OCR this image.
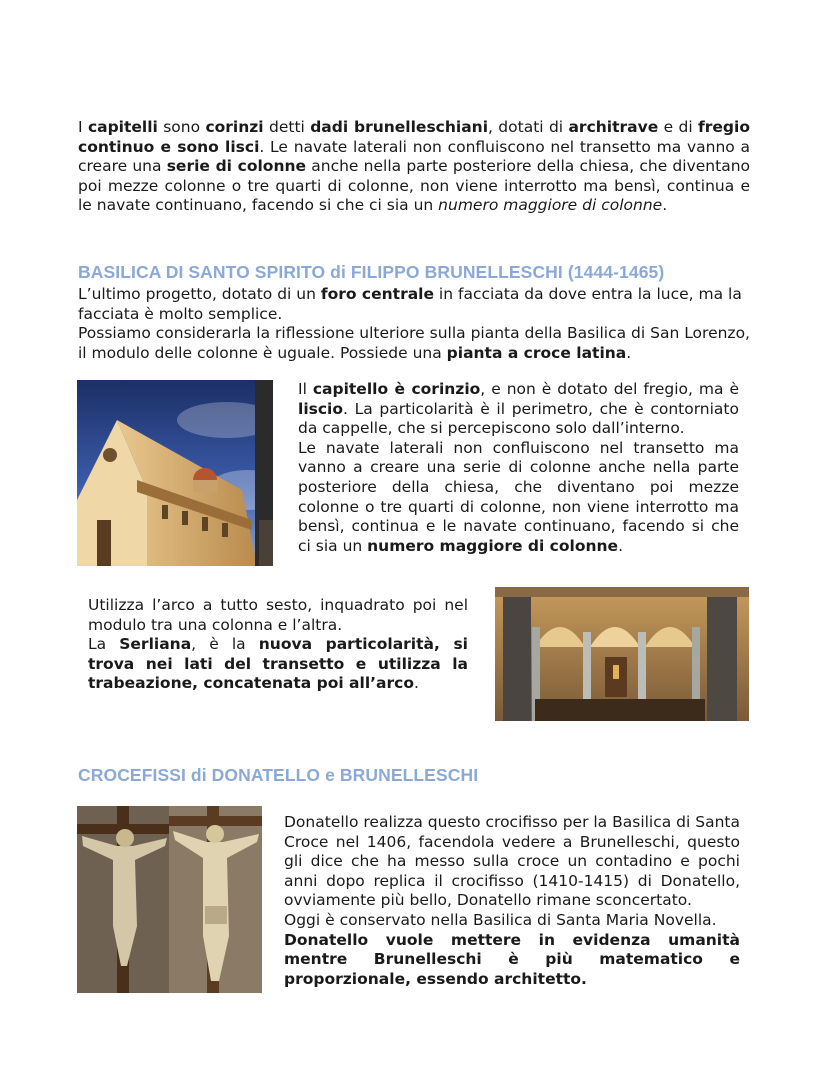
I capitelli sono corinzi detti dadi brunelleschiani, dotati di architrave e di fregio continuo e sono lisci. Le navate laterali non confluiscono nel transetto ma vanno a creare una serie di colonne anche nella parte posteriore della chiesa, che diventano poi mezze colonne o tre quarti di colonne, non viene interrotto ma bensì, continua e le navate continuano, facendo si che ci sia un numero maggiore di colonne.

BASILICA DI SANTO SPIRITO di FILIPPO BRUNELLESCHI (1444-1465)

L’ultimo progetto, dotato di un foro centrale in facciata da dove entra la luce, ma la facciata è molto semplice.

Possiamo considerarla la riflessione ulteriore sulla pianta della Basilica di San Lorenzo, il modulo delle colonne è uguale. Possiede una pianta a croce latina.

Il capitello è corinzio, e non è dotato del fregio, ma è liscio. La particolarità è il perimetro, che è contorniato da cappelle, che si percepiscono solo dall’interno.
Le navate laterali non confluiscono nel transetto ma vanno a creare una serie di colonne anche nella parte posteriore della chiesa, che diventano poi mezze colonne o tre quarti di colonne, non viene interrotto ma bensì, continua e le navate continuano, facendo si che ci sia un numero maggiore di colonne.

Utilizza l’arco a tutto sesto, inquadrato poi nel modulo tra una colonna e l’altra.
La Serliana, è la nuova particolarità, si trova nei lati del transetto e utilizza la trabeazione, concatenata poi all’arco.

CROCEFISSI di DONATELLO e BRUNELLESCHI

Donatello realizza questo crocifisso per la Basilica di Santa Croce nel 1406, facendola vedere a Brunelleschi, questo gli dice che ha messo sulla croce un contadino e pochi anni dopo replica il crocifisso (1410-1415) di Donatello, ovviamente più bello, Donatello rimane sconcertato.
Oggi è conservato nella Basilica di Santa Maria Novella.
Donatello vuole mettere in evidenza umanità mentre Brunelleschi è più matematico e proporzionale, essendo architetto.
